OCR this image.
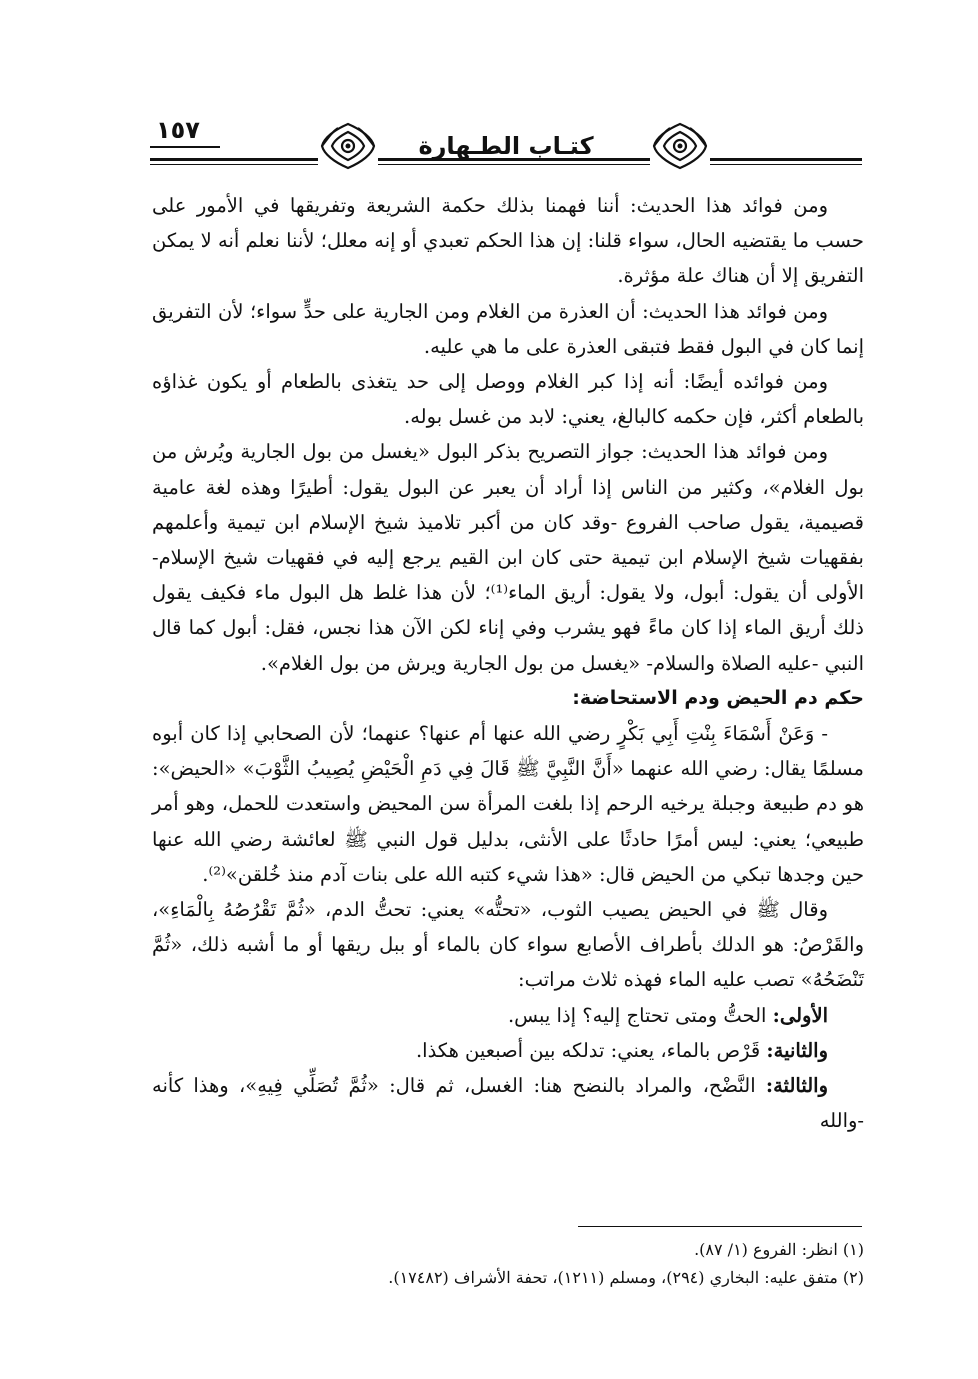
١٥٧
كتـاب الطـهارة

ومن فوائد هذا الحديث: أننا فهمنا بذلك حكمة الشريعة وتفريقها في الأمور على حسب ما يقتضيه الحال، سواء قلنا: إن هذا الحكم تعبدي أو إنه معلل؛ لأننا نعلم أنه لا يمكن التفريق إلا أن هناك علة مؤثرة.

ومن فوائد هذا الحديث: أن العذرة من الغلام ومن الجارية على حدٍّ سواء؛ لأن التفريق إنما كان في البول فقط فتبقى العذرة على ما هي عليه.

ومن فوائده أيضًا: أنه إذا كبر الغلام ووصل إلى حد يتغذى بالطعام أو يكون غذاؤه بالطعام أكثر، فإن حكمه كالبالغ، يعني: لابد من غسل بوله.

ومن فوائد هذا الحديث: جواز التصريح بذكر البول «يغسل من بول الجارية ويُرش من بول الغلام»، وكثير من الناس إذا أراد أن يعبر عن البول يقول: أطيرًا وهذه لغة عامية قصيمية، يقول صاحب الفروع -وقد كان من أكبر تلاميذ شيخ الإسلام ابن تيمية وأعلمهم بفقهيات شيخ الإسلام ابن تيمية حتى كان ابن القيم يرجع إليه في فقهيات شيخ الإسلام- الأولى أن يقول: أبول، ولا يقول: أريق الماء⁽¹⁾؛ لأن هذا غلط هل البول ماء فكيف يقول ذلك أريق الماء إذا كان ماءً فهو يشرب وفي إناء لكن الآن هذا نجس، فقل: أبول كما قال النبي -عليه الصلاة والسلام- «يغسل من بول الجارية ويرش من بول الغلام».

حكم دم الحيض ودم الاستحاضة:

- وَعَنْ أَسْمَاءَ بِنْتِ أَبِي بَكْرٍ رضي الله عنها أم عنها؟ عنهما؛ لأن الصحابي إذا كان أبوه مسلمًا يقال: رضي الله عنهما «أَنَّ النَّبِيَّ ﷺ قَالَ فِي دَمِ الْحَيْضِ يُصِيبُ الثَّوْبَ» «الحيض»: هو دم طبيعة وجبلة يرخيه الرحم إذا بلغت المرأة سن المحيض واستعدت للحمل، وهو أمر طبيعي؛ يعني: ليس أمرًا حادثًا على الأنثى، بدليل قول النبي ﷺ لعائشة رضي الله عنها حين وجدها تبكي من الحيض قال: «هذا شيء كتبه الله على بنات آدم منذ خُلقن»⁽²⁾.

وقال ﷺ في الحيض يصيب الثوب، «تحتُّه» يعني: تحتُّ الدم، «ثُمَّ تَقْرُصُهُ بِالْمَاءِ»، والقَرْصُ: هو الدلك بأطراف الأصابع سواء كان بالماء أو ببل ريقها أو ما أشبه ذلك، «ثُمَّ تَنْضَحُهُ» تصب عليه الماء فهذه ثلاث مراتب:

الأولى: الحتُّ ومتى تحتاج إليه؟ إذا يبس.

والثانية: قَرْص بالماء، يعني: تدلكه بين أصبعين هكذا.

والثالثة: النَّضْح، والمراد بالنضح هنا: الغسل، ثم قال: «ثُمَّ تُصَلِّي فِيهِ»، وهذا كأنه -والله

(١) انظر: الفروع (١/ ٨٧).

(٢) متفق عليه: البخاري (٢٩٤)، ومسلم (١٢١١)، تحفة الأشراف (١٧٤٨٢).
